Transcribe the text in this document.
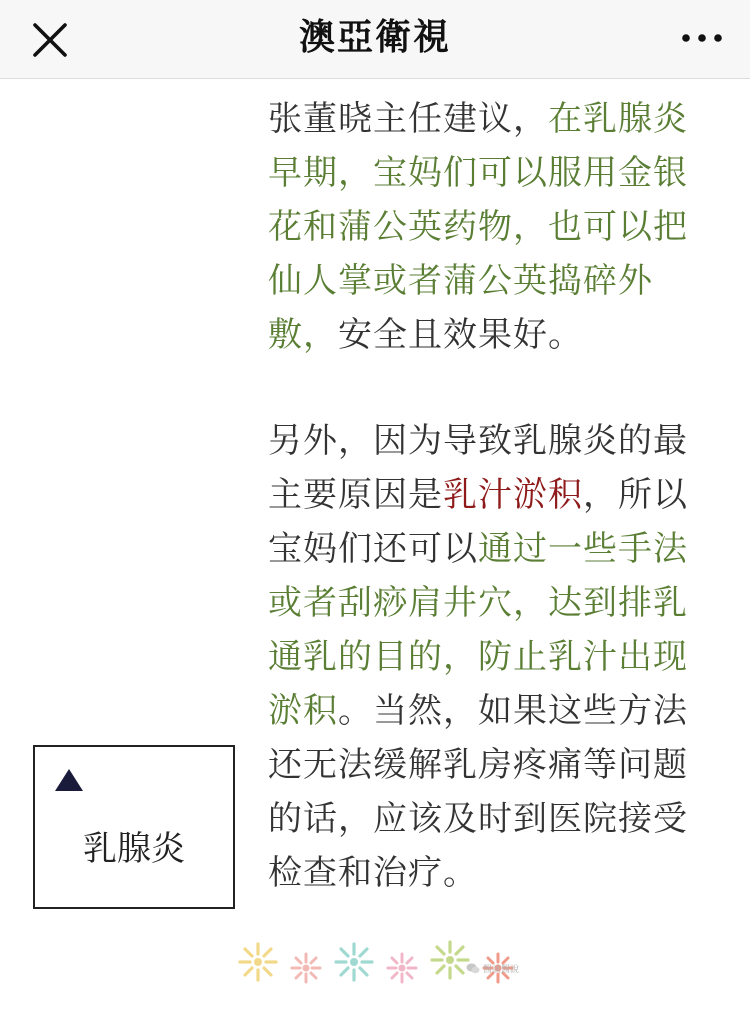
澳亞衛視

张董晓主任建议，在乳腺炎早期，宝妈们可以服用金银花和蒲公英药物，也可以把仙人掌或者蒲公英捣碎外敷，安全且效果好。

另外，因为导致乳腺炎的最主要原因是乳汁淤积，所以宝妈们还可以通过一些手法或者刮痧肩井穴，达到排乳通乳的目的，防止乳汁出现淤积。当然，如果这些方法还无法缓解乳房疼痛等问题的话，应该及时到医院接受检查和治疗。

乳腺炎
醫談醫說
